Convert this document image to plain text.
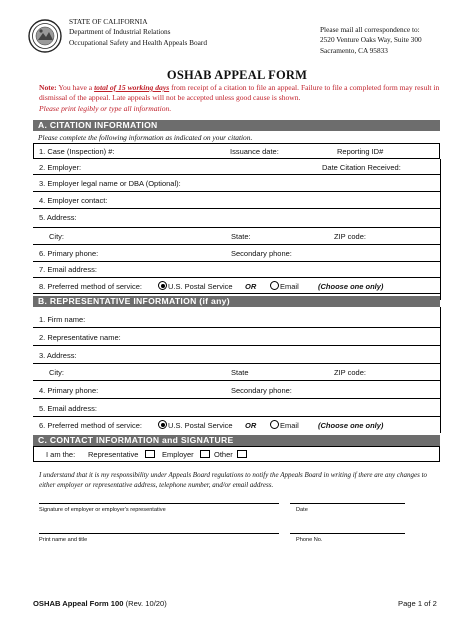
STATE OF CALIFORNIA
Department of Industrial Relations
Occupational Safety and Health Appeals Board
Please mail all correspondence to:
2520 Venture Oaks Way, Suite 300
Sacramento, CA 95833
OSHAB APPEAL FORM
Note: You have a total of 15 working days from receipt of a citation to file an appeal. Failure to file a completed form may result in dismissal of the appeal. Late appeals will not be accepted unless good cause is shown.
Please print legibly or type all information.
A. CITATION INFORMATION
Please complete the following information as indicated on your citation.
1. Case (Inspection) #:	Issuance date:	Reporting ID#
2. Employer:	Date Citation Received:
3. Employer legal name or DBA (Optional):
4. Employer contact:
5. Address:
City:	State:	ZIP code:
6. Primary phone:	Secondary phone:
7. Email address:
8. Preferred method of service:	U.S. Postal Service OR	Email	(Choose one only)
B. REPRESENTATIVE INFORMATION (if any)
1. Firm name:
2. Representative name:
3. Address:
City:	State	ZIP code:
4. Primary phone:	Secondary phone:
5. Email address:
6. Preferred method of service:	U.S. Postal Service OR	Email	(Choose one only)
C. CONTACT INFORMATION and SIGNATURE
I am the: Representative	Employer	Other
I understand that it is my responsibility under Appeals Board regulations to notify the Appeals Board in writing if there are any changes to either employer or representative address, telephone number, and/or email address.
Signature of employer or employer's representative	Date
Print name and title	Phone No.
OSHAB Appeal Form 100 (Rev. 10/20)	Page 1 of 2
